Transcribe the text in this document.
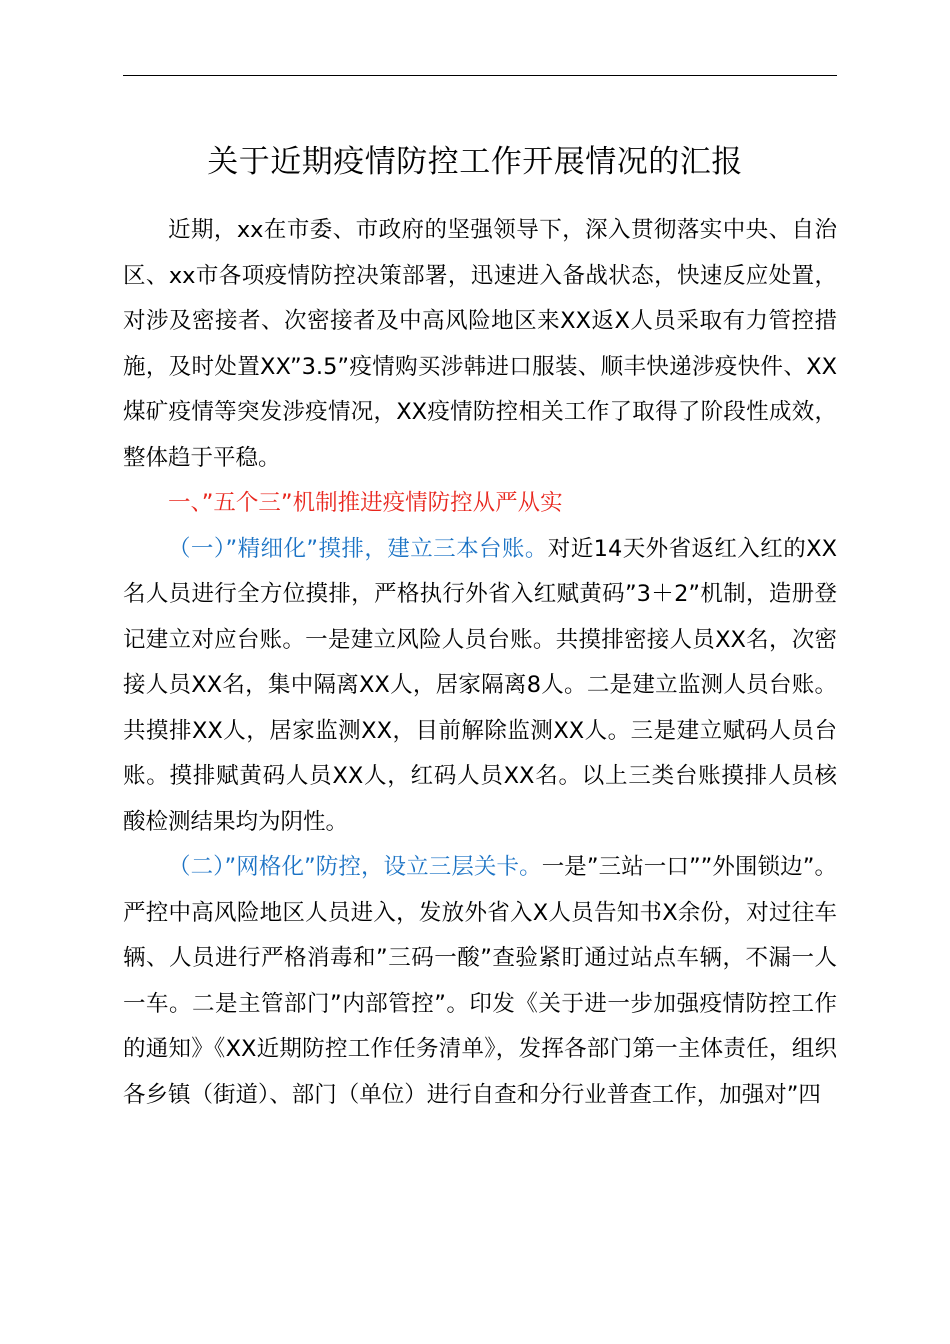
关于近期疫情防控工作开展情况的汇报

近期，xx在市委、市政府的坚强领导下，深入贯彻落实中央、自治区、xx市各项疫情防控决策部署，迅速进入备战状态，快速反应处置，对涉及密接者、次密接者及中高风险地区来XX返X人员采取有力管控措施，及时处置XX”3.5”疫情购买涉韩进口服装、顺丰快递涉疫快件、XX煤矿疫情等突发涉疫情况，XX疫情防控相关工作了取得了阶段性成效，整体趋于平稳。

一、”五个三”机制推进疫情防控从严从实

（一）”精细化”摸排，建立三本台账。对近14天外省返红入红的XX名人员进行全方位摸排，严格执行外省入红赋黄码”3＋2”机制，造册登记建立对应台账。一是建立风险人员台账。共摸排密接人员XX名，次密接人员XX名，集中隔离XX人，居家隔离8人。二是建立监测人员台账。共摸排XX人，居家监测XX，目前解除监测XX人。三是建立赋码人员台账。摸排赋黄码人员XX人，红码人员XX名。以上三类台账摸排人员核酸检测结果均为阴性。

（二）”网格化”防控，设立三层关卡。一是”三站一口””外围锁边”。严控中高风险地区人员进入，发放外省入X人员告知书X余份，对过往车辆、人员进行严格消毒和”三码一酸”查验紧盯通过站点车辆，不漏一人一车。二是主管部门”内部管控”。印发《关于进一步加强疫情防控工作的通知》《XX近期防控工作任务清单》，发挥各部门第一主体责任，组织各乡镇（街道）、部门（单位）进行自查和分行业普查工作，加强对”四
